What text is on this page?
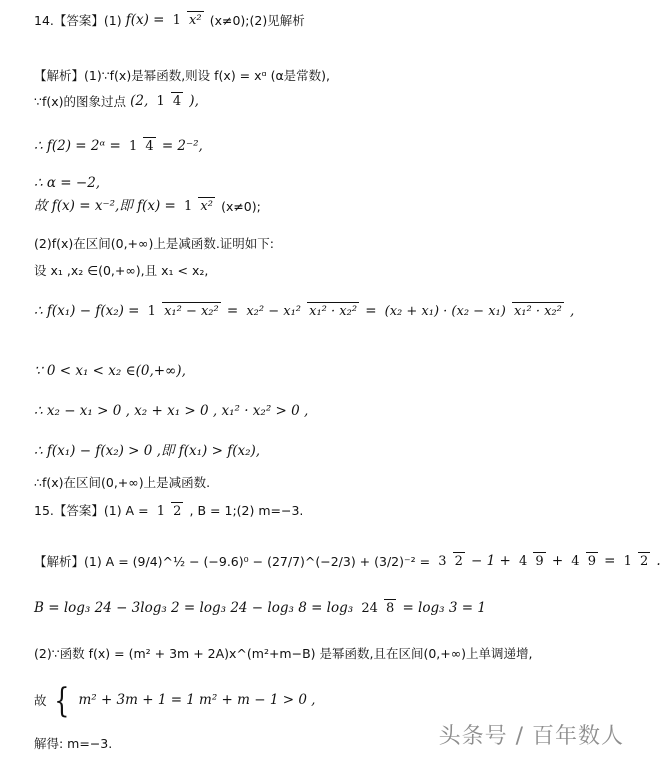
14.【答案】(1) f(x) = 1 x² (x≠0);(2)见解析
【解析】(1)∵f(x)是幂函数,则设 f(x) = xᵅ (α是常数),
∵f(x)的图象过点 (2, 1 4 ),
∴ f(2) = 2ᵅ = 1 4 = 2⁻²,
∴ α = −2,
故 f(x) = x⁻²,即 f(x) = 1 x² (x≠0);
(2)f(x)在区间(0,+∞)上是减函数.证明如下:
设 x₁ ,x₂ ∈(0,+∞),且 x₁ < x₂,
∴ f(x₁) − f(x₂) = 1 x₁² − x₂² = x₂² − x₁² x₁² · x₂² = (x₂ + x₁) · (x₂ − x₁) x₁² · x₂² ,
∵ 0 < x₁ < x₂ ∈(0,+∞),
∴ x₂ − x₁ > 0 , x₂ + x₁ > 0 , x₁² · x₂² > 0 ,
∴ f(x₁) − f(x₂) > 0 ,即 f(x₁) > f(x₂),
∴f(x)在区间(0,+∞)上是减函数.
15.【答案】(1) A = 1 2 , B = 1;(2) m=−3.
【解析】(1) A = (9/4)^½ − (−9.6)⁰ − (27/7)^(−2/3) + (3/2)⁻² = 3 2 − 1 + 4 9 + 4 9 = 1 2 .
B = log₃ 24 − 3log₃ 2 = log₃ 24 − log₃ 8 = log₃ 24 8 = log₃ 3 = 1
(2)∵函数 f(x) = (m² + 3m + 2A)x^(m²+m−B) 是幂函数,且在区间(0,+∞)上单调递增,
故 { m² + 3m + 1 = 1 m² + m − 1 > 0 ,
解得: m=−3.	头条号 / 百年数人
